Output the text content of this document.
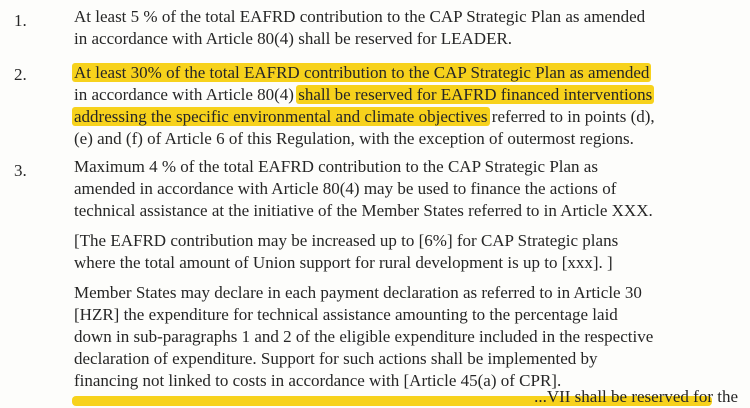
1.	At least 5 % of the total EAFRD contribution to the CAP Strategic Plan as amended
in accordance with Article 80(4) shall be reserved for LEADER.
2.	At least 30% of the total EAFRD contribution to the CAP Strategic Plan as amended
in accordance with Article 80(4) shall be reserved for EAFRD financed interventions
addressing the specific environmental and climate objectives referred to in points (d),
(e) and (f) of Article 6 of this Regulation, with the exception of outermost regions.
3.	Maximum 4 % of the total EAFRD contribution to the CAP Strategic Plan as
amended in accordance with Article 80(4) may be used to finance the actions of
technical assistance at the initiative of the Member States referred to in Article XXX.
[The EAFRD contribution may be increased up to [6%] for CAP Strategic plans
where the total amount of Union support for rural development is up to [xxx]. ]
Member States may declare in each payment declaration as referred to in Article 30
[HZR] the expenditure for technical assistance amounting to the percentage laid
down in sub-paragraphs 1 and 2 of the eligible expenditure included in the respective
declaration of expenditure. Support for such actions shall be implemented by
financing not linked to costs in accordance with [Article 45(a) of CPR].
...VII shall be reserved for the
